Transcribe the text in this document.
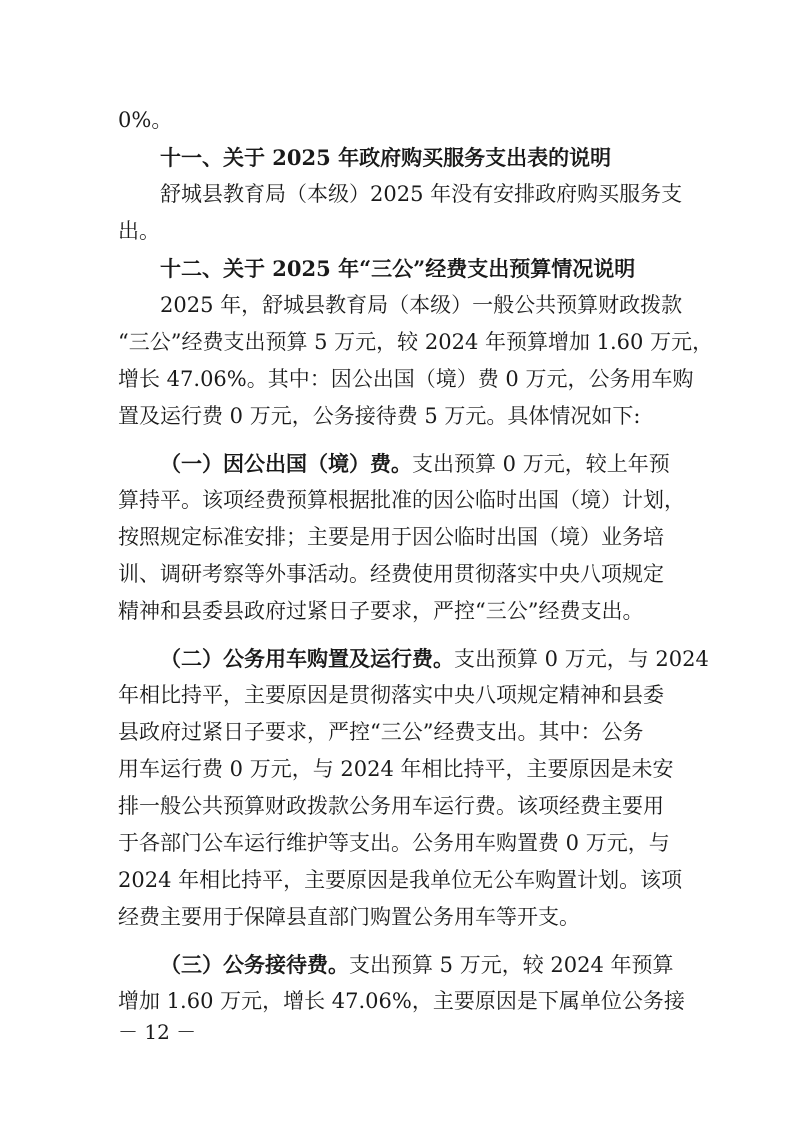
0%。
十一、关于 2025 年政府购买服务支出表的说明
舒城县教育局（本级）2025 年没有安排政府购买服务支
出。
十二、关于 2025 年“三公”经费支出预算情况说明
2025 年，舒城县教育局（本级）一般公共预算财政拨款
“三公”经费支出预算 5 万元，较 2024 年预算增加 1.60 万元，
增长 47.06%。其中：因公出国（境）费 0 万元，公务用车购
置及运行费 0 万元，公务接待费 5 万元。具体情况如下:
（一）因公出国（境）费。支出预算 0 万元，较上年预
算持平。该项经费预算根据批准的因公临时出国（境）计划，
按照规定标准安排；主要是用于因公临时出国（境）业务培
训、调研考察等外事活动。经费使用贯彻落实中央八项规定
精神和县委县政府过紧日子要求，严控“三公”经费支出。
（二）公务用车购置及运行费。支出预算 0 万元，与 2024
年相比持平，主要原因是贯彻落实中央八项规定精神和县委
县政府过紧日子要求，严控“三公”经费支出。其中：公务
用车运行费 0 万元，与 2024 年相比持平，主要原因是未安
排一般公共预算财政拨款公务用车运行费。该项经费主要用
于各部门公车运行维护等支出。公务用车购置费 0 万元，与
2024 年相比持平，主要原因是我单位无公车购置计划。该项
经费主要用于保障县直部门购置公务用车等开支。
（三）公务接待费。支出预算 5 万元，较 2024 年预算
增加 1.60 万元，增长 47.06%，主要原因是下属单位公务接
－ 12 －
